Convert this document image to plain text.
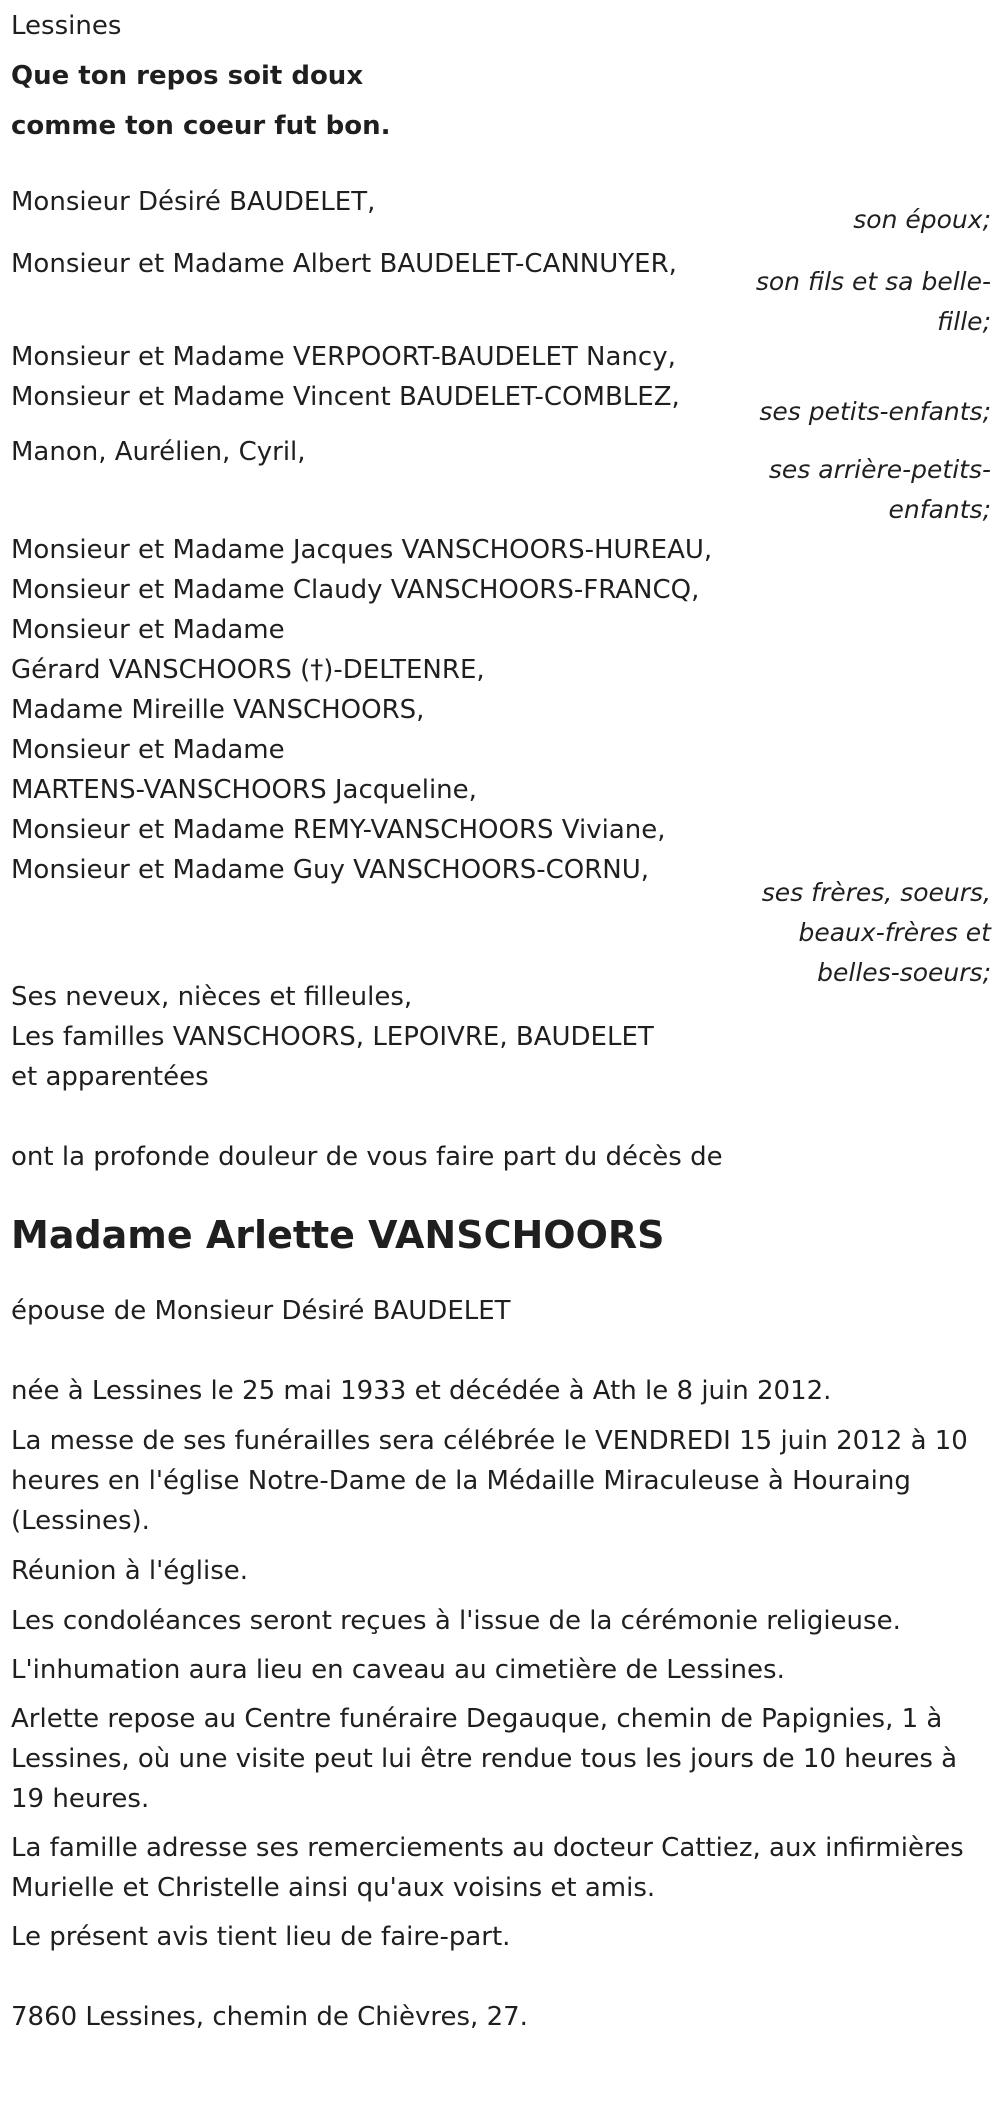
Lessines

Que ton repos soit doux

comme ton coeur fut bon.

Monsieur Désiré BAUDELET,

son époux;

Monsieur et Madame Albert BAUDELET-CANNUYER,

son fils et sa belle-

fille;

Monsieur et Madame VERPOORT-BAUDELET Nancy,

Monsieur et Madame Vincent BAUDELET-COMBLEZ,	ses petits-enfants;

Manon, Aurélien, Cyril,

ses arrière-petits-

enfants;

Monsieur et Madame Jacques VANSCHOORS-HUREAU,

Monsieur et Madame Claudy VANSCHOORS-FRANCQ,

Monsieur et Madame

Gérard VANSCHOORS (†)-DELTENRE,

Madame Mireille VANSCHOORS,

Monsieur et Madame

MARTENS-VANSCHOORS Jacqueline,

Monsieur et Madame REMY-VANSCHOORS Viviane,

Monsieur et Madame Guy VANSCHOORS-CORNU,

ses frères, soeurs,

beaux-frères et

belles-soeurs;

Ses neveux, nièces et filleules,

Les familles VANSCHOORS, LEPOIVRE, BAUDELET

et apparentées

ont la profonde douleur de vous faire part du décès de

Madame Arlette VANSCHOORS

épouse de Monsieur Désiré BAUDELET

née à Lessines le 25 mai 1933 et décédée à Ath le 8 juin 2012.

La messe de ses funérailles sera célébrée le VENDREDI 15 juin 2012 à 10

heures en l'église Notre-Dame de la Médaille Miraculeuse à Houraing

(Lessines).

Réunion à l'église.

Les condoléances seront reçues à l'issue de la cérémonie religieuse.

L'inhumation aura lieu en caveau au cimetière de Lessines.

Arlette repose au Centre funéraire Degauque, chemin de Papignies, 1 à

Lessines, où une visite peut lui être rendue tous les jours de 10 heures à

19 heures.

La famille adresse ses remerciements au docteur Cattiez, aux infirmières

Murielle et Christelle ainsi qu'aux voisins et amis.

Le présent avis tient lieu de faire-part.

7860 Lessines, chemin de Chièvres, 27.
